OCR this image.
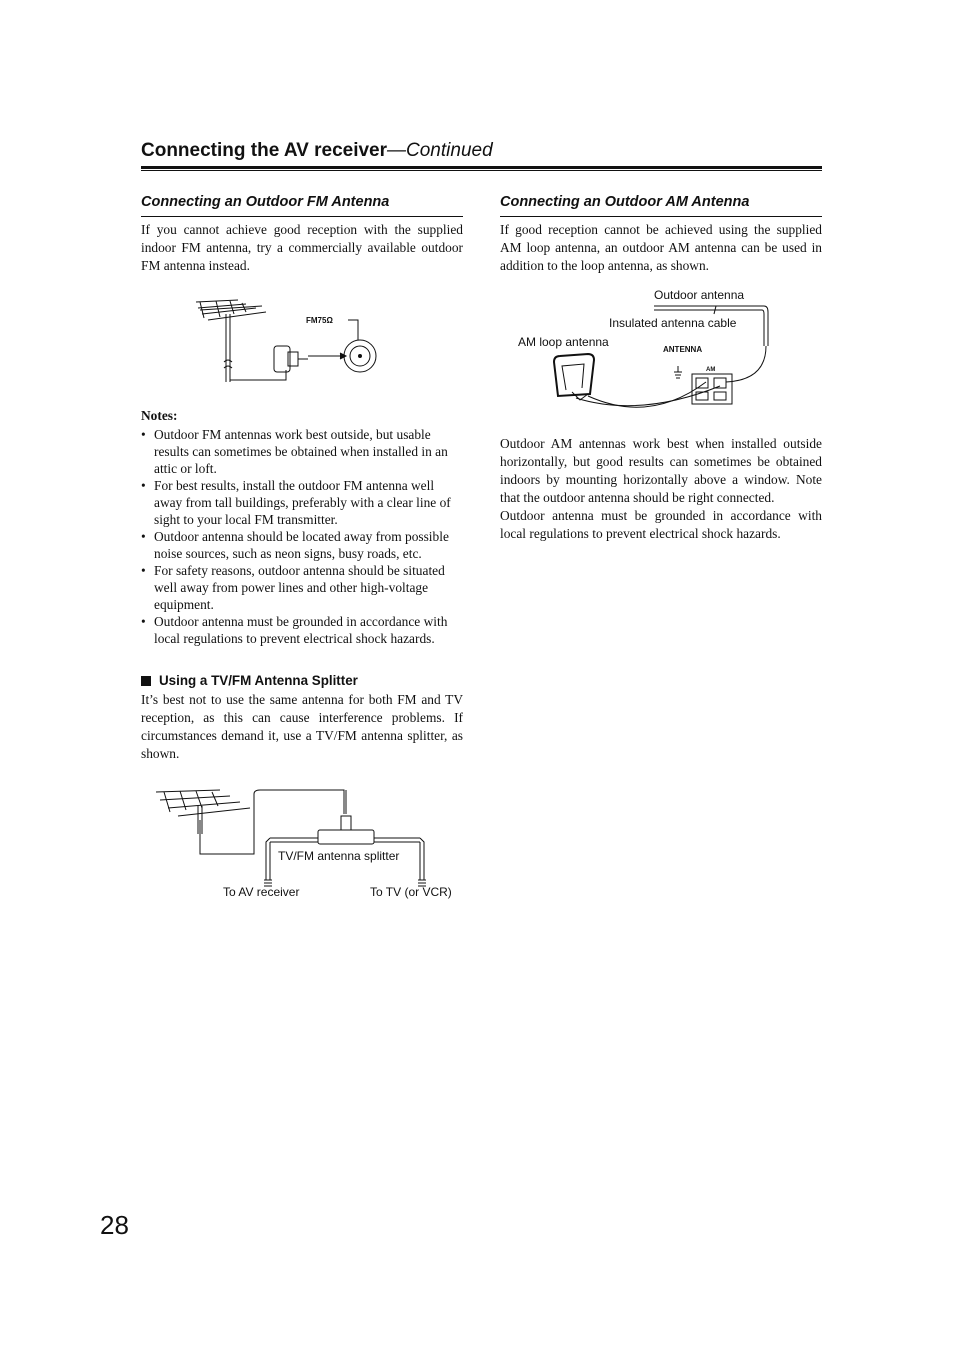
Connecting the AV receiver—Continued
Connecting an Outdoor FM Antenna
If you cannot achieve good reception with the supplied indoor FM antenna, try a commercially available outdoor FM antenna instead.
FM75Ω
Notes:
• Outdoor FM antennas work best outside, but usable results can sometimes be obtained when installed in an attic or loft.
• For best results, install the outdoor FM antenna well away from tall buildings, preferably with a clear line of sight to your local FM transmitter.
• Outdoor antenna should be located away from possible noise sources, such as neon signs, busy roads, etc.
• For safety reasons, outdoor antenna should be situated well away from power lines and other high-voltage equipment.
• Outdoor antenna must be grounded in accordance with local regulations to prevent electrical shock hazards.
Using a TV/FM Antenna Splitter
It’s best not to use the same antenna for both FM and TV reception, as this can cause interference problems. If circumstances demand it, use a TV/FM antenna splitter, as shown.
TV/FM antenna splitter
To AV receiver	To TV (or VCR)
Connecting an Outdoor AM Antenna
If good reception cannot be achieved using the supplied AM loop antenna, an outdoor AM antenna can be used in addition to the loop antenna, as shown.
Outdoor antenna
Insulated antenna cable
AM loop antenna
ANTENNA
AM
Outdoor AM antennas work best when installed outside horizontally, but good results can sometimes be obtained indoors by mounting horizontally above a window. Note that the outdoor antenna should be right connected.
Outdoor antenna must be grounded in accordance with local regulations to prevent electrical shock hazards.
28
